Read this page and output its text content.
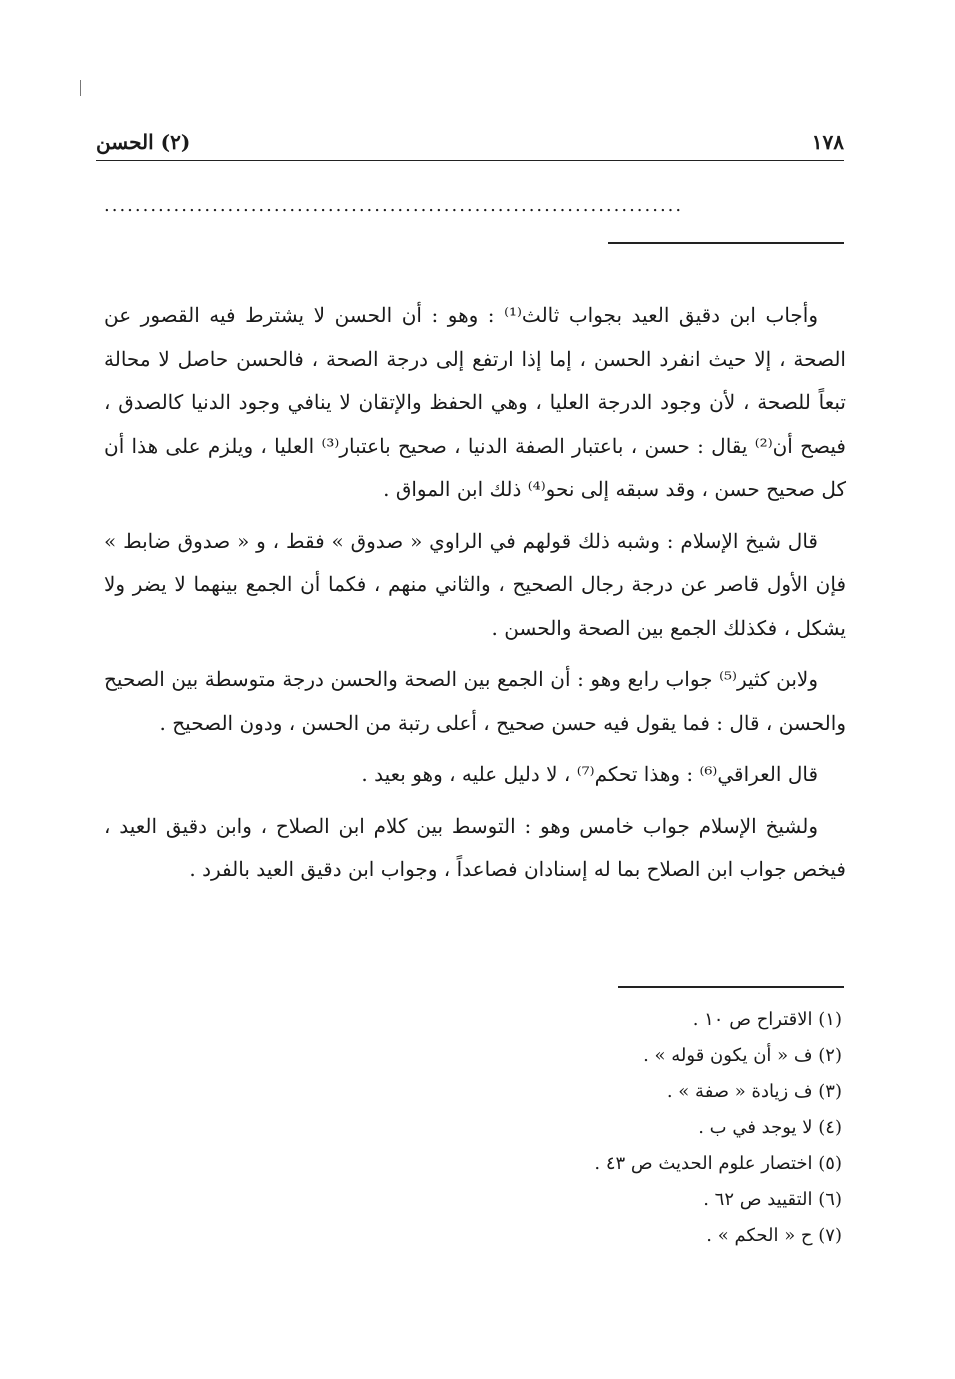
١٧٨
(٢) الحسن
...........................................................................

وأجاب ابن دقيق العيد بجواب ثالث⁽¹⁾ : وهو : أن الحسن لا يشترط فيه القصور عن الصحة ، إلا حيث انفرد الحسن ، إما إذا ارتفع إلى درجة الصحة ، فالحسن حاصل لا محالة تبعاً للصحة ، لأن وجود الدرجة العليا ، وهي الحفظ والإتقان لا ينافي وجود الدنيا كالصدق ، فيصح أن⁽²⁾ يقال : حسن ، باعتبار الصفة الدنيا ، صحيح باعتبار⁽³⁾ العليا ، ويلزم على هذا أن كل صحيح حسن ، وقد سبقه إلى نحو⁽⁴⁾ ذلك ابن المواق .

قال شيخ الإسلام : وشبه ذلك قولهم في الراوي « صدوق » فقط ، و « صدوق ضابط » فإن الأول قاصر عن درجة رجال الصحيح ، والثاني منهم ، فكما أن الجمع بينهما لا يضر ولا يشكل ، فكذلك الجمع بين الصحة والحسن .

ولابن كثير⁽⁵⁾ جواب رابع وهو : أن الجمع بين الصحة والحسن درجة متوسطة بين الصحيح والحسن ، قال : فما يقول فيه حسن صحيح ، أعلى رتبة من الحسن ، ودون الصحيح .

قال العراقي⁽⁶⁾ : وهذا تحكم⁽⁷⁾ ، لا دليل عليه ، وهو بعيد .

ولشيخ الإسلام جواب خامس وهو : التوسط بين كلام ابن الصلاح ، وابن دقيق العيد ، فيخص جواب ابن الصلاح بما له إسنادان فصاعداً ، وجواب ابن دقيق العيد بالفرد .

(١) الاقتراح ص ١٠ .
(٢) ف « أن يكون قوله » .
(٣) ف زيادة « صفة » .
(٤) لا يوجد في ب .
(٥) اختصار علوم الحديث ص ٤٣ .
(٦) التقييد ص ٦٢ .
(٧) ح « الحكم » .
